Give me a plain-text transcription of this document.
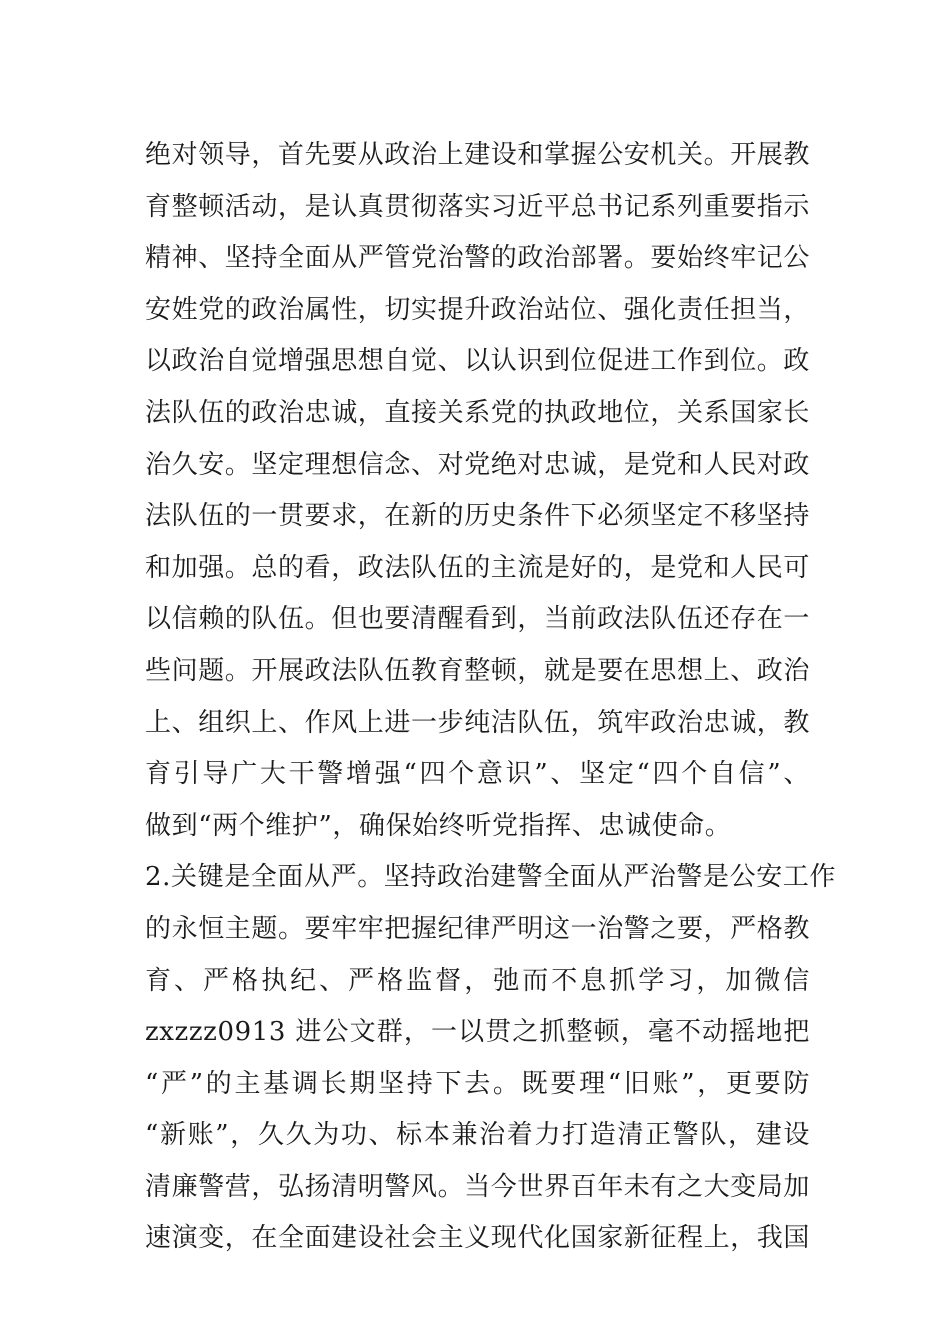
绝对领导，首先要从政治上建设和掌握公安机关。开展教
育整顿活动，是认真贯彻落实习近平总书记系列重要指示
精神、坚持全面从严管党治警的政治部署。要始终牢记公
安姓党的政治属性，切实提升政治站位、强化责任担当，
以政治自觉增强思想自觉、以认识到位促进工作到位。政
法队伍的政治忠诚，直接关系党的执政地位，关系国家长
治久安。坚定理想信念、对党绝对忠诚，是党和人民对政
法队伍的一贯要求，在新的历史条件下必须坚定不移坚持
和加强。总的看，政法队伍的主流是好的，是党和人民可
以信赖的队伍。但也要清醒看到，当前政法队伍还存在一
些问题。开展政法队伍教育整顿，就是要在思想上、政治
上、组织上、作风上进一步纯洁队伍，筑牢政治忠诚，教
育引导广大干警增强“四个意识”、坚定“四个自信”、
做到“两个维护”，确保始终听党指挥、忠诚使命。
2.关键是全面从严。坚持政治建警全面从严治警是公安工作
的永恒主题。要牢牢把握纪律严明这一治警之要，严格教
育、严格执纪、严格监督，弛而不息抓学习，加微信
zxzzz0913 进公文群，一以贯之抓整顿，毫不动摇地把
“严”的主基调长期坚持下去。既要理“旧账”，更要防
“新账”，久久为功、标本兼治着力打造清正警队，建设
清廉警营，弘扬清明警风。当今世界百年未有之大变局加
速演变，在全面建设社会主义现代化国家新征程上，我国
